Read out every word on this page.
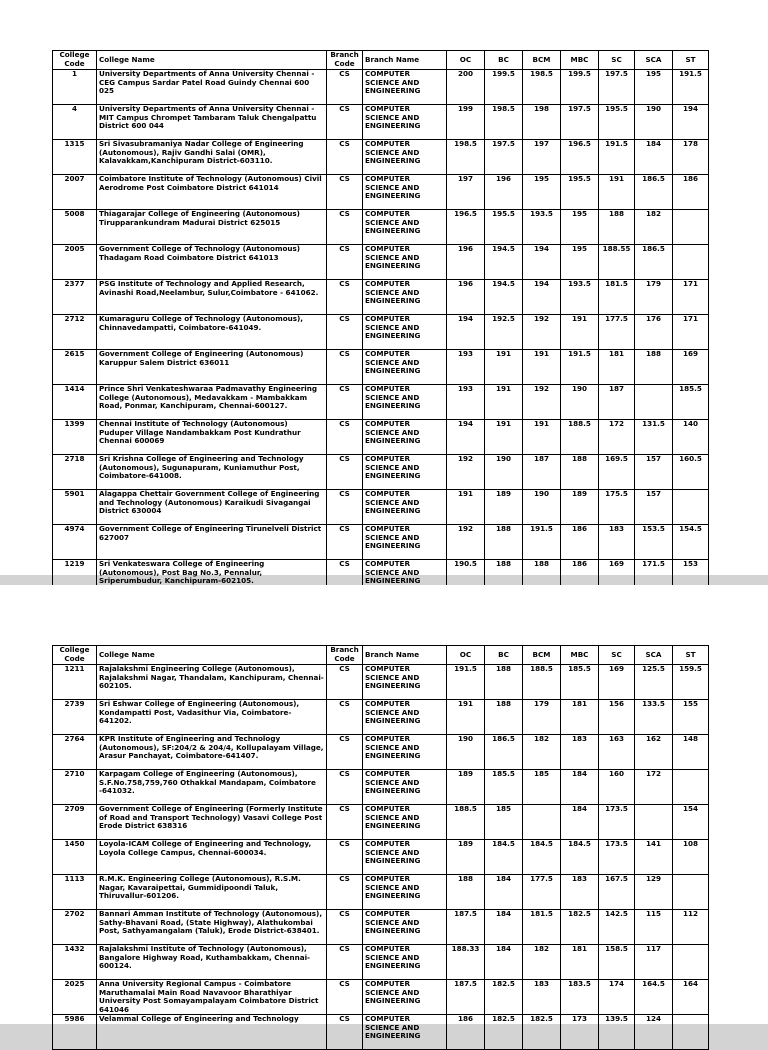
College Code	College Name	Branch Code	Branch Name	OC	BC	BCM	MBC	SC	SCA	ST

1	University Departments of Anna University Chennai - CEG Campus Sardar Patel Road Guindy Chennai 600 025	CS	COMPUTER SCIENCE AND ENGINEERING	200	199.5	198.5	199.5	197.5	195	191.5

4	University Departments of Anna University Chennai - MIT Campus Chrompet Tambaram Taluk Chengalpattu District 600 044	CS	COMPUTER SCIENCE AND ENGINEERING	199	198.5	198	197.5	195.5	190	194

1315	Sri Sivasubramaniya Nadar College of Engineering (Autonomous), Rajiv Gandhi Salai (OMR), Kalavakkam,Kanchipuram District-603110.	CS	COMPUTER SCIENCE AND ENGINEERING	198.5	197.5	197	196.5	191.5	184	178

2007	Coimbatore Institute of Technology (Autonomous) Civil Aerodrome Post Coimbatore District 641014	CS	COMPUTER SCIENCE AND ENGINEERING	197	196	195	195.5	191	186.5	186

5008	Thiagarajar College of Engineering (Autonomous) Tirupparankundram Madurai District 625015	CS	COMPUTER SCIENCE AND ENGINEERING	196.5	195.5	193.5	195	188	182	

2005	Government College of Technology (Autonomous) Thadagam Road Coimbatore District 641013	CS	COMPUTER SCIENCE AND ENGINEERING	196	194.5	194	195	188.55	186.5	

2377	PSG Institute of Technology and Applied Research, Avinashi Road,Neelambur, Sulur,Coimbatore - 641062.	CS	COMPUTER SCIENCE AND ENGINEERING	196	194.5	194	193.5	181.5	179	171

2712	Kumaraguru College of Technology (Autonomous), Chinnavedampatti, Coimbatore-641049.	CS	COMPUTER SCIENCE AND ENGINEERING	194	192.5	192	191	177.5	176	171

2615	Government College of Engineering (Autonomous) Karuppur Salem District 636011	CS	COMPUTER SCIENCE AND ENGINEERING	193	191	191	191.5	181	188	169

1414	Prince Shri Venkateshwaraa Padmavathy Engineering College (Autonomous), Medavakkam - Mambakkam Road, Ponmar, Kanchipuram, Chennai-600127.	CS	COMPUTER SCIENCE AND ENGINEERING	193	191	192	190	187		185.5

1399	Chennai Institute of Technology (Autonomous) Puduper Village Nandambakkam Post Kundrathur Chennai 600069	CS	COMPUTER SCIENCE AND ENGINEERING	194	191	191	188.5	172	131.5	140

2718	Sri Krishna College of Engineering and Technology (Autonomous), Sugunapuram, Kuniamuthur Post, Coimbatore-641008.	CS	COMPUTER SCIENCE AND ENGINEERING	192	190	187	188	169.5	157	160.5

5901	Alagappa Chettair Government College of Engineering and Technology (Autonomous) Karaikudi Sivagangai District 630004	CS	COMPUTER SCIENCE AND ENGINEERING	191	189	190	189	175.5	157	

4974	Government College of Engineering Tirunelveli District 627007	CS	COMPUTER SCIENCE AND ENGINEERING	192	188	191.5	186	183	153.5	154.5

1219	Sri Venkateswara College of Engineering (Autonomous), Post Bag No.3, Pennalur, Sriperumbudur, Kanchipuram-602105.	CS	COMPUTER SCIENCE AND ENGINEERING	190.5	188	188	186	169	171.5	153
College Code	College Name	Branch Code	Branch Name	OC	BC	BCM	MBC	SC	SCA	ST

1211	Rajalakshmi Engineering College (Autonomous), Rajalakshmi Nagar, Thandalam, Kanchipuram, Chennai-602105.	CS	COMPUTER SCIENCE AND ENGINEERING	191.5	188	188.5	185.5	169	125.5	159.5

2739	Sri Eshwar College of Engineering (Autonomous), Kondampatti Post, Vadasithur Via, Coimbatore-641202.	CS	COMPUTER SCIENCE AND ENGINEERING	191	188	179	181	156	133.5	155

2764	KPR Institute of Engineering and Technology (Autonomous), SF:204/2 & 204/4, Kollupalayam Village, Arasur Panchayat, Coimbatore-641407.	CS	COMPUTER SCIENCE AND ENGINEERING	190	186.5	182	183	163	162	148

2710	Karpagam College of Engineering (Autonomous), S.F.No.758,759,760 Othakkal Mandapam, Coimbatore -641032.	CS	COMPUTER SCIENCE AND ENGINEERING	189	185.5	185	184	160	172	

2709	Government College of Engineering (Formerly Institute of Road and Transport Technology) Vasavi College Post Erode District 638316	CS	COMPUTER SCIENCE AND ENGINEERING	188.5	185		184	173.5		154

1450	Loyola-ICAM College of Engineering and Technology, Loyola College Campus, Chennai-600034.	CS	COMPUTER SCIENCE AND ENGINEERING	189	184.5	184.5	184.5	173.5	141	108

1113	R.M.K. Engineering College (Autonomous), R.S.M. Nagar, Kavaraipettai, Gummidipoondi Taluk, Thiruvallur-601206.	CS	COMPUTER SCIENCE AND ENGINEERING	188	184	177.5	183	167.5	129	

2702	Bannari Amman Institute of Technology (Autonomous), Sathy-Bhavani Road, (State Highway), Alathukombai Post, Sathyamangalam (Taluk), Erode District-638401.	CS	COMPUTER SCIENCE AND ENGINEERING	187.5	184	181.5	182.5	142.5	115	112

1432	Rajalakshmi Institute of Technology (Autonomous), Bangalore Highway Road, Kuthambakkam, Chennai-600124.	CS	COMPUTER SCIENCE AND ENGINEERING	188.33	184	182	181	158.5	117	

2025	Anna University Regional Campus - Coimbatore Maruthamalai Main Road Navavoor Bharathiyar University Post Somayampalayam Coimbatore District 641046	CS	COMPUTER SCIENCE AND ENGINEERING	187.5	182.5	183	183.5	174	164.5	164

5986	Velammal College of Engineering and Technology	CS	COMPUTER SCIENCE AND ENGINEERING	186	182.5	182.5	173	139.5	124	
